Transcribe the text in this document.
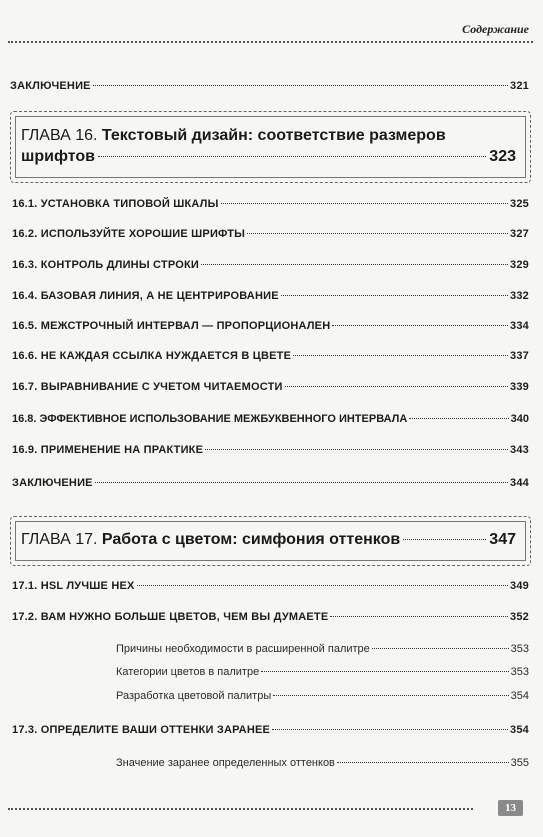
Содержание
ЗАКЛЮЧЕНИЕ	321
ГЛАВА 16.
Текстовый дизайн: соответствие размеров
шрифтов	323
16.1. УСТАНОВКА ТИПОВОЙ ШКАЛЫ	325
16.2. ИСПОЛЬЗУЙТЕ ХОРОШИЕ ШРИФТЫ	327
16.3. КОНТРОЛЬ ДЛИНЫ СТРОКИ	329
16.4. БАЗОВАЯ ЛИНИЯ, А НЕ ЦЕНТРИРОВАНИЕ	332
16.5. МЕЖСТРОЧНЫЙ ИНТЕРВАЛ — ПРОПОРЦИОНАЛЕН	334
16.6. НЕ КАЖДАЯ ССЫЛКА НУЖДАЕТСЯ В ЦВЕТЕ	337
16.7. ВЫРАВНИВАНИЕ С УЧЕТОМ ЧИТАЕМОСТИ	339
16.8. ЭФФЕКТИВНОЕ ИСПОЛЬЗОВАНИЕ МЕЖБУКВЕННОГО ИНТЕРВАЛА	340
16.9. ПРИМЕНЕНИЕ НА ПРАКТИКЕ	343
ЗАКЛЮЧЕНИЕ	344
ГЛАВА 17.
Работа с цветом: симфония оттенков	347
17.1. HSL ЛУЧШЕ HEX	349
17.2. ВАМ НУЖНО БОЛЬШЕ ЦВЕТОВ, ЧЕМ ВЫ ДУМАЕТЕ	352
Причины необходимости в расширенной палитре	353
Категории цветов в палитре	353
Разработка цветовой палитры	354
17.3. ОПРЕДЕЛИТЕ ВАШИ ОТТЕНКИ ЗАРАНЕЕ	354
Значение заранее определенных оттенков	355
13
